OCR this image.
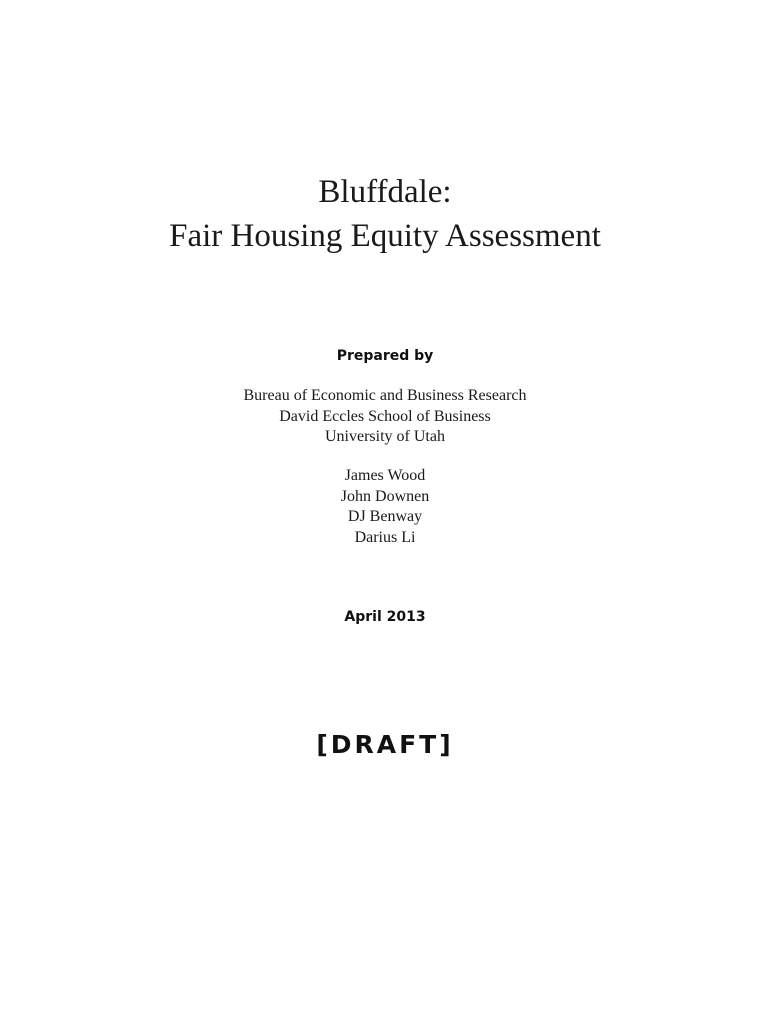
Bluffdale:
Fair Housing Equity Assessment
Prepared by
Bureau of Economic and Business Research
David Eccles School of Business
University of Utah
James Wood
John Downen
DJ Benway
Darius Li
April 2013
[DRAFT]
